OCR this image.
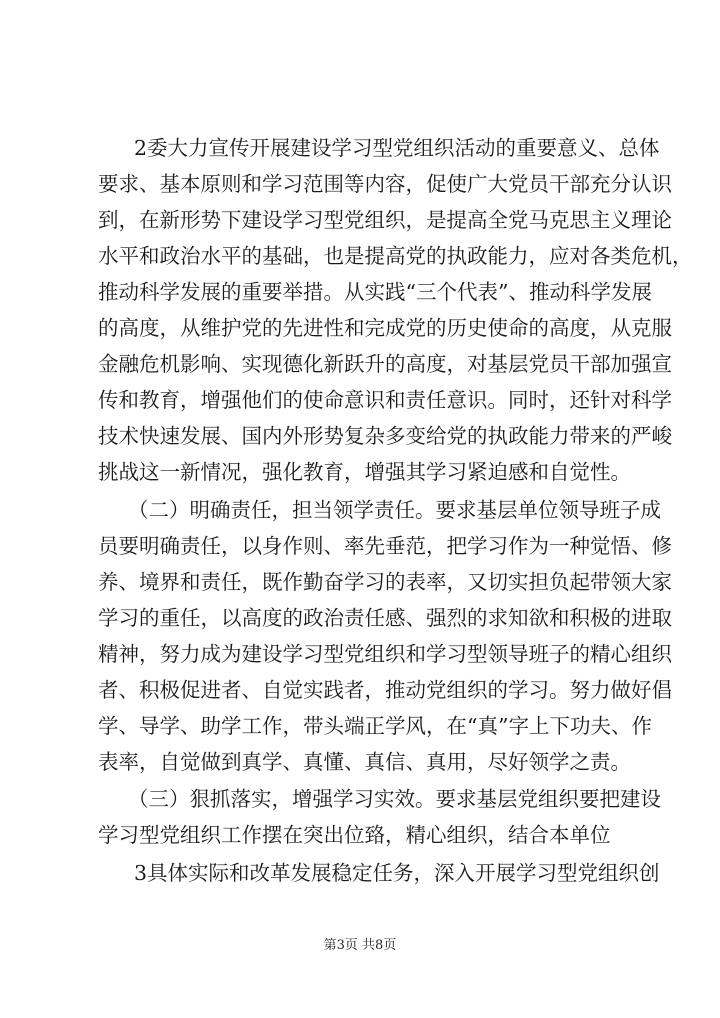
2委大力宣传开展建设学习型党组织活动的重要意义、总体
要求、基本原则和学习范围等内容，促使广大党员干部充分认识
到，在新形势下建设学习型党组织，是提高全党马克思主义理论
水平和政治水平的基础，也是提高党的执政能力，应对各类危机，
推动科学发展的重要举措。从实践“三个代表”、推动科学发展
的高度，从维护党的先进性和完成党的历史使命的高度，从克服
金融危机影响、实现德化新跃升的高度，对基层党员干部加强宣
传和教育，增强他们的使命意识和责任意识。同时，还针对科学
技术快速发展、国内外形势复杂多变给党的执政能力带来的严峻
挑战这一新情况，强化教育，增强其学习紧迫感和自觉性。
（二）明确责任，担当领学责任。要求基层单位领导班子成
员要明确责任，以身作则、率先垂范，把学习作为一种觉悟、修
养、境界和责任，既作勤奋学习的表率，又切实担负起带领大家
学习的重任，以高度的政治责任感、强烈的求知欲和积极的进取
精神，努力成为建设学习型党组织和学习型领导班子的精心组织
者、积极促进者、自觉实践者，推动党组织的学习。努力做好倡
学、导学、助学工作，带头端正学风，在“真”字上下功夫、作
表率，自觉做到真学、真懂、真信、真用，尽好领学之责。
（三）狠抓落实，增强学习实效。要求基层党组织要把建设
学习型党组织工作摆在突出位臵，精心组织，结合本单位
3具体实际和改革发展稳定任务，深入开展学习型党组织创
第3页 共8页
